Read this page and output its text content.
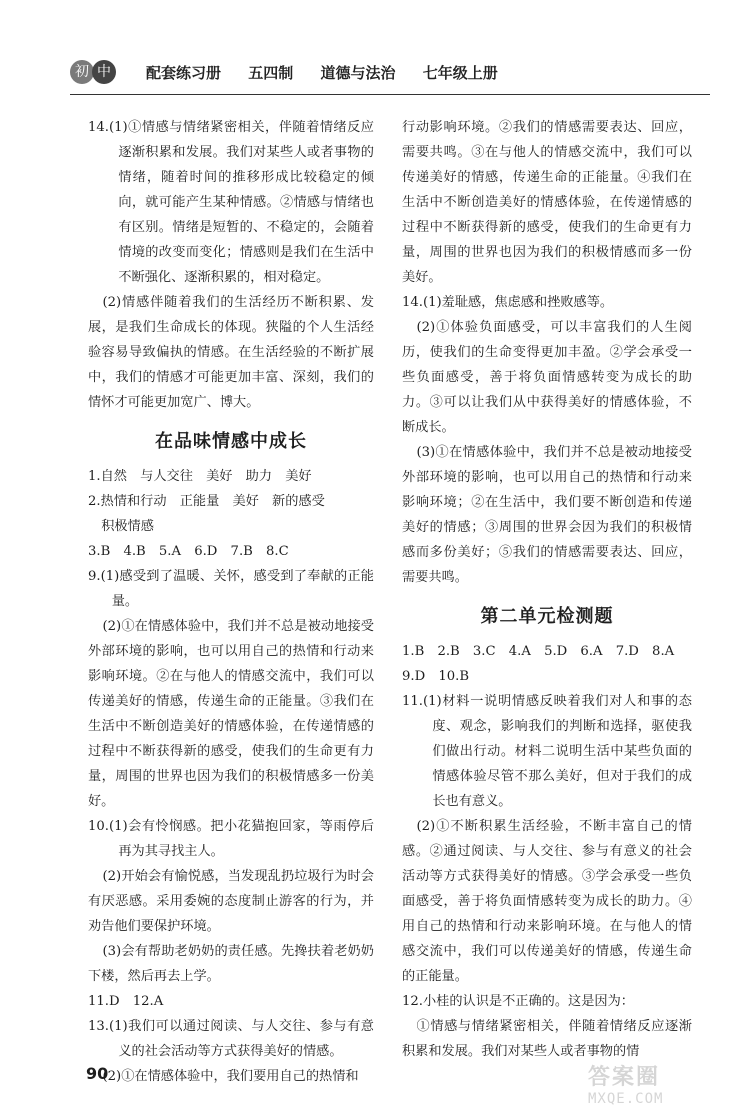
初 中	配套练习册 五四制 道德与法治 七年级上册

14.(1)①情感与情绪紧密相关，伴随着情绪反应逐渐积累和发展。我们对某些人或者事物的情绪，随着时间的推移形成比较稳定的倾向，就可能产生某种情感。②情感与情绪也有区别。情绪是短暂的、不稳定的，会随着情境的改变而变化；情感则是我们在生活中不断强化、逐渐积累的，相对稳定。

(2)情感伴随着我们的生活经历不断积累、发展，是我们生命成长的体现。狭隘的个人生活经验容易导致偏执的情感。在生活经验的不断扩展中，我们的情感才可能更加丰富、深刻，我们的情怀才可能更加宽广、博大。

在品味情感中成长

1.自然　与人交往　美好　助力　美好

2.热情和行动　正能量　美好　新的感受

积极情感

3.B　4.B　5.A　6.D　7.B　8.C

9.(1)感受到了温暖、关怀，感受到了奉献的正能量。

(2)①在情感体验中，我们并不总是被动地接受外部环境的影响，也可以用自己的热情和行动来影响环境。②在与他人的情感交流中，我们可以传递美好的情感，传递生命的正能量。③我们在生活中不断创造美好的情感体验，在传递情感的过程中不断获得新的感受，使我们的生命更有力量，周围的世界也因为我们的积极情感多一份美好。

10.(1)会有怜悯感。把小花猫抱回家，等雨停后再为其寻找主人。

(2)开始会有愉悦感，当发现乱扔垃圾行为时会有厌恶感。采用委婉的态度制止游客的行为，并劝告他们要保护环境。

(3)会有帮助老奶奶的责任感。先搀扶着老奶奶下楼，然后再去上学。

11.D　12.A

13.(1)我们可以通过阅读、与人交往、参与有意义的社会活动等方式获得美好的情感。

(2)①在情感体验中，我们要用自己的热情和

行动影响环境。②我们的情感需要表达、回应，需要共鸣。③在与他人的情感交流中，我们可以传递美好的情感，传递生命的正能量。④我们在生活中不断创造美好的情感体验，在传递情感的过程中不断获得新的感受，使我们的生命更有力量，周围的世界也因为我们的积极情感而多一份美好。

14.(1)羞耻感，焦虑感和挫败感等。

(2)①体验负面感受，可以丰富我们的人生阅历，使我们的生命变得更加丰盈。②学会承受一些负面感受，善于将负面情感转变为成长的助力。③可以让我们从中获得美好的情感体验，不断成长。

(3)①在情感体验中，我们并不总是被动地接受外部环境的影响，也可以用自己的热情和行动来影响环境；②在生活中，我们要不断创造和传递美好的情感；③周围的世界会因为我们的积极情感而多份美好；⑤我们的情感需要表达、回应，需要共鸣。

第二单元检测题

1.B　2.B　3.C　4.A　5.D　6.A　7.D　8.A

9.D　10.B

11.(1)材料一说明情感反映着我们对人和事的态度、观念，影响我们的判断和选择，驱使我们做出行动。材料二说明生活中某些负面的情感体验尽管不那么美好，但对于我们的成长也有意义。

(2)①不断积累生活经验，不断丰富自己的情感。②通过阅读、与人交往、参与有意义的社会活动等方式获得美好的情感。③学会承受一些负面感受，善于将负面情感转变为成长的助力。④用自己的热情和行动来影响环境。在与他人的情感交流中，我们可以传递美好的情感，传递生命的正能量。

12.小桂的认识是不正确的。这是因为：

①情感与情绪紧密相关，伴随着情绪反应逐渐积累和发展。我们对某些人或者事物的情

90	答案圈
MXQE.COM
